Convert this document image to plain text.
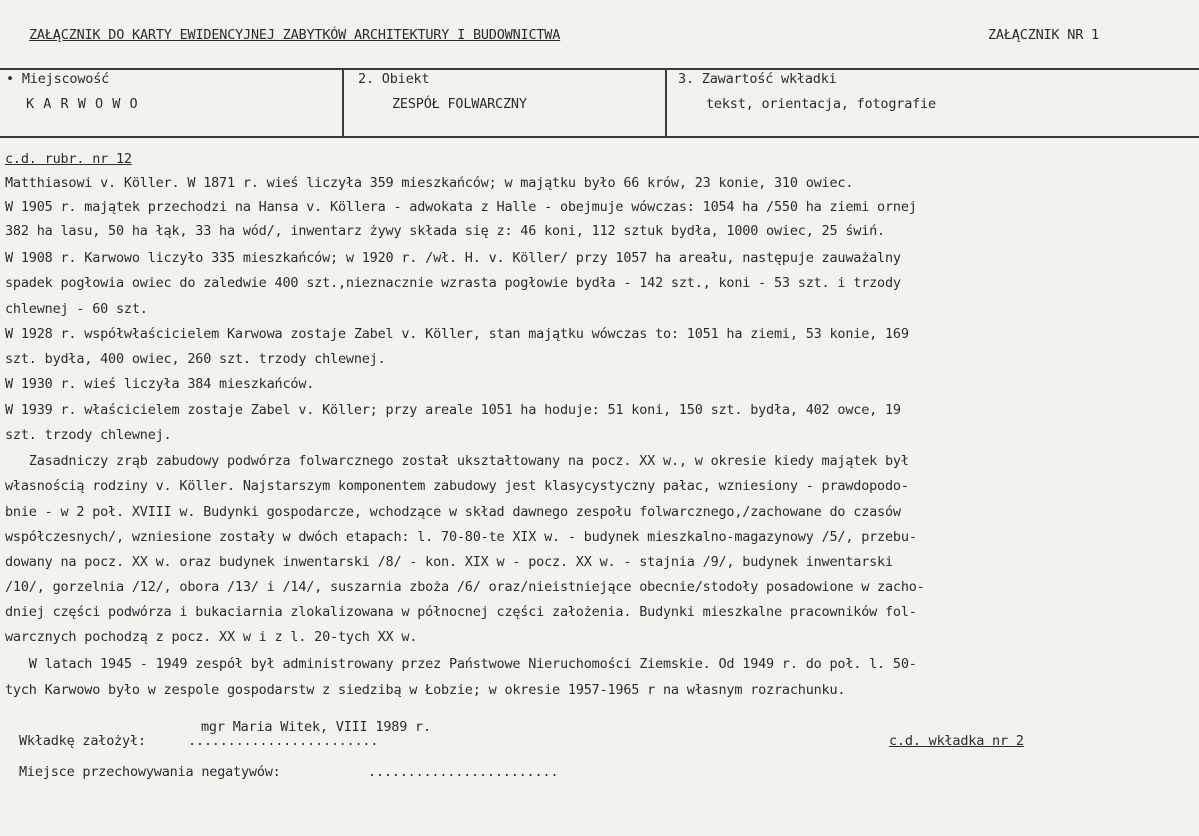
ZAŁĄCZNIK DO KARTY EWIDENCYJNEJ ZABYTKÓW ARCHITEKTURY I BUDOWNICTWA	ZAŁĄCZNIK NR 1
• Miejscowość
K A R W O W O
2. Obiekt
ZESPÓŁ FOLWARCZNY
3. Zawartość wkładki
tekst, orientacja, fotografie
c.d. rubr. nr 12
Matthiasowi v. Köller. W 1871 r. wieś liczyła 359 mieszkańców; w majątku było 66 krów, 23 konie, 310 owiec.
W 1905 r. majątek przechodzi na Hansa v. Köllera - adwokata z Halle - obejmuje wówczas: 1054 ha /550 ha ziemi ornej
382 ha lasu, 50 ha łąk, 33 ha wód/, inwentarz żywy składa się z: 46 koni, 112 sztuk bydła, 1000 owiec, 25 świń.
W 1908 r. Karwowo liczyło 335 mieszkańców; w 1920 r. /wł. H. v. Köller/ przy 1057 ha areału, następuje zauważalny
spadek pogłowia owiec do zaledwie 400 szt.,nieznacznie wzrasta pogłowie bydła - 142 szt., koni - 53 szt. i trzody
chlewnej - 60 szt.
W 1928 r. współwłaścicielem Karwowa zostaje Zabel v. Köller, stan majątku wówczas to: 1051 ha ziemi, 53 konie, 169
szt. bydła, 400 owiec, 260 szt. trzody chlewnej.
W 1930 r. wieś liczyła 384 mieszkańców.
W 1939 r. właścicielem zostaje Zabel v. Köller; przy areale 1051 ha hoduje: 51 koni, 150 szt. bydła, 402 owce, 19
szt. trzody chlewnej.
Zasadniczy zrąb zabudowy podwórza folwarcznego został ukształtowany na pocz. XX w., w okresie kiedy majątek był
własnością rodziny v. Köller. Najstarszym komponentem zabudowy jest klasycystyczny pałac, wzniesiony - prawdopodo-
bnie - w 2 poł. XVIII w. Budynki gospodarcze, wchodzące w skład dawnego zespołu folwarcznego,/zachowane do czasów
współczesnych/, wzniesione zostały w dwóch etapach: l. 70-80-te XIX w. - budynek mieszkalno-magazynowy /5/, przebu-
dowany na pocz. XX w. oraz budynek inwentarski /8/ - kon. XIX w - pocz. XX w. - stajnia /9/, budynek inwentarski
/10/, gorzelnia /12/, obora /13/ i /14/, suszarnia zboża /6/ oraz/nieistniejące obecnie/stodoły posadowione w zacho-
dniej części podwórza i bukaciarnia zlokalizowana w północnej części założenia. Budynki mieszkalne pracowników fol-
warcznych pochodzą z pocz. XX w i z l. 20-tych XX w.
W latach 1945 - 1949 zespół był administrowany przez Państwowe Nieruchomości Ziemskie. Od 1949 r. do poł. l. 50-
tych Karwowo było w zespole gospodarstw z siedzibą w Łobzie; w okresie 1957-1965 r na własnym rozrachunku.
mgr Maria Witek, VIII 1989 r.
Wkładkę założył:	........................	c.d. wkładka nr 2
Miejsce przechowywania negatywów:	........................
